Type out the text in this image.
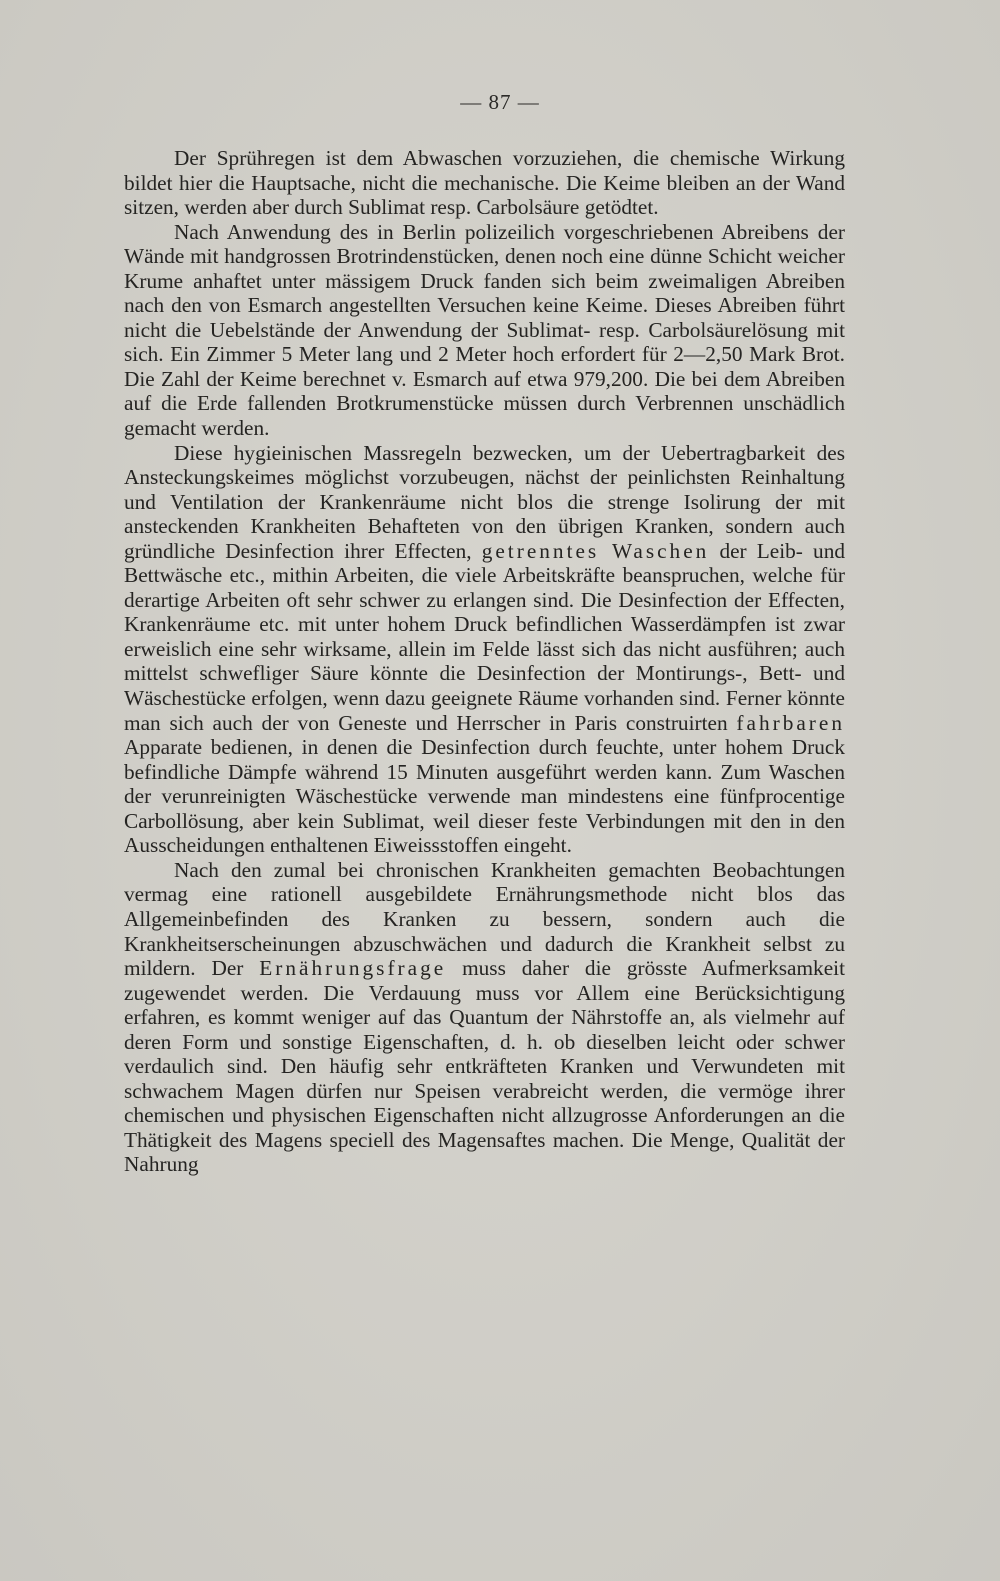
— 87 —

Der Sprühregen ist dem Abwaschen vorzuziehen, die chemische Wirkung bildet hier die Hauptsache, nicht die mechanische. Die Keime bleiben an der Wand sitzen, werden aber durch Sublimat resp. Carbolsäure getödtet.

Nach Anwendung des in Berlin polizeilich vorgeschriebenen Abreibens der Wände mit handgrossen Brotrindenstücken, denen noch eine dünne Schicht weicher Krume anhaftet unter mässigem Druck fanden sich beim zweimaligen Abreiben nach den von Esmarch angestellten Versuchen keine Keime. Dieses Abreiben führt nicht die Uebelstände der Anwendung der Sublimat- resp. Carbolsäurelösung mit sich. Ein Zimmer 5 Meter lang und 2 Meter hoch erfordert für 2—2,50 Mark Brot. Die Zahl der Keime berechnet v. Esmarch auf etwa 979,200. Die bei dem Abreiben auf die Erde fallenden Brotkrumenstücke müssen durch Verbrennen unschädlich gemacht werden.

Diese hygieinischen Massregeln bezwecken, um der Uebertragbarkeit des Ansteckungskeimes möglichst vorzubeugen, nächst der peinlichsten Reinhaltung und Ventilation der Krankenräume nicht blos die strenge Isolirung der mit ansteckenden Krankheiten Behafteten von den übrigen Kranken, sondern auch gründliche Desinfection ihrer Effecten, getrenntes Waschen der Leib- und Bettwäsche etc., mithin Arbeiten, die viele Arbeitskräfte beanspruchen, welche für derartige Arbeiten oft sehr schwer zu erlangen sind. Die Desinfection der Effecten, Krankenräume etc. mit unter hohem Druck befindlichen Wasserdämpfen ist zwar erweislich eine sehr wirksame, allein im Felde lässt sich das nicht ausführen; auch mittelst schwefliger Säure könnte die Desinfection der Montirungs-, Bett- und Wäschestücke erfolgen, wenn dazu geeignete Räume vorhanden sind. Ferner könnte man sich auch der von Geneste und Herrscher in Paris construirten fahrbaren Apparate bedienen, in denen die Desinfection durch feuchte, unter hohem Druck befindliche Dämpfe während 15 Minuten ausgeführt werden kann. Zum Waschen der verunreinigten Wäschestücke verwende man mindestens eine fünfprocentige Carbollösung, aber kein Sublimat, weil dieser feste Verbindungen mit den in den Ausscheidungen enthaltenen Eiweissstoffen eingeht.

Nach den zumal bei chronischen Krankheiten gemachten Beobachtungen vermag eine rationell ausgebildete Ernährungsmethode nicht blos das Allgemeinbefinden des Kranken zu bessern, sondern auch die Krankheitserscheinungen abzuschwächen und dadurch die Krankheit selbst zu mildern. Der Ernährungsfrage muss daher die grösste Aufmerksamkeit zugewendet werden. Die Verdauung muss vor Allem eine Berücksichtigung erfahren, es kommt weniger auf das Quantum der Nährstoffe an, als vielmehr auf deren Form und sonstige Eigenschaften, d. h. ob dieselben leicht oder schwer verdaulich sind. Den häufig sehr entkräfteten Kranken und Verwundeten mit schwachem Magen dürfen nur Speisen verabreicht werden, die vermöge ihrer chemischen und physischen Eigenschaften nicht allzugrosse Anforderungen an die Thätigkeit des Magens speciell des Magensaftes machen. Die Menge, Qualität der Nahrung
